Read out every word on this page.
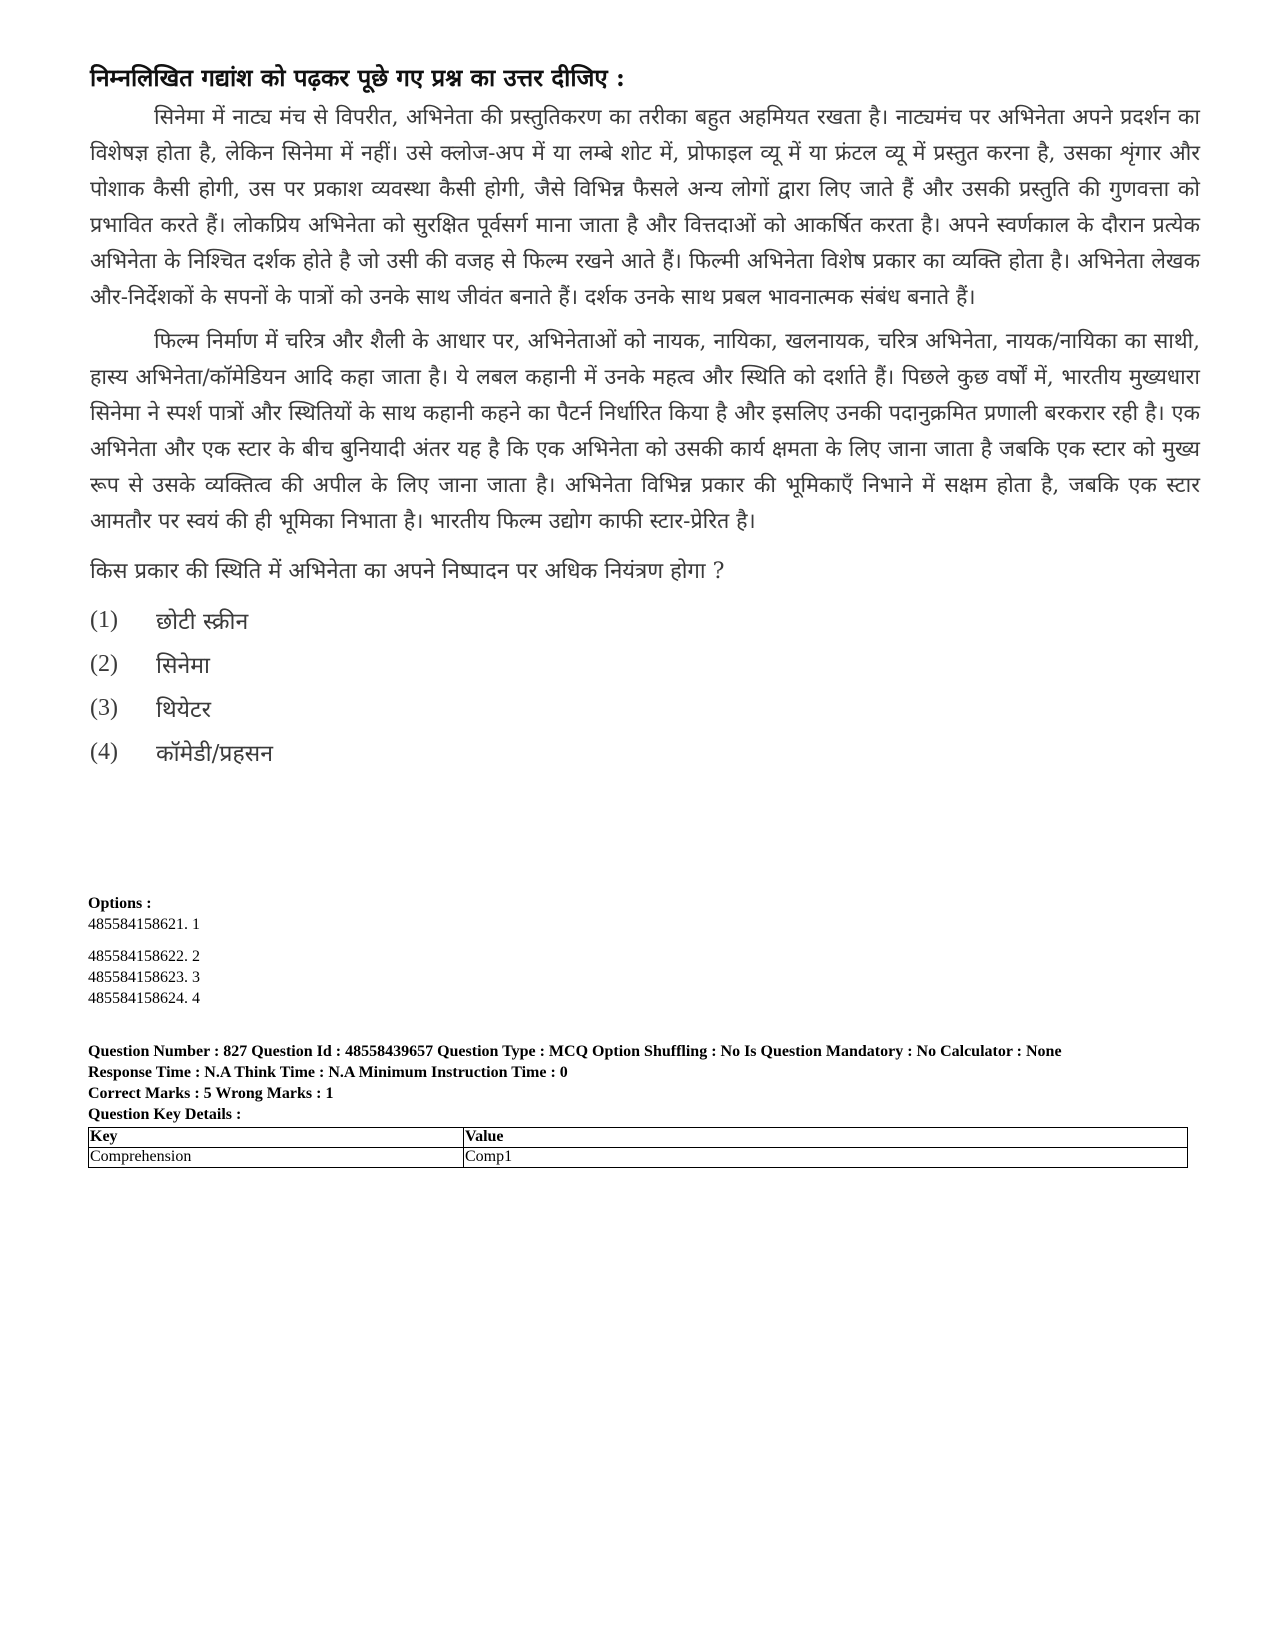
निम्नलिखित गद्यांश को पढ़कर पूछे गए प्रश्न का उत्तर दीजिए :

सिनेमा में नाट्य मंच से विपरीत, अभिनेता की प्रस्तुतिकरण का तरीका बहुत अहमियत रखता है। नाट्यमंच पर अभिनेता अपने प्रदर्शन का विशेषज्ञ होता है, लेकिन सिनेमा में नहीं। उसे क्लोज-अप में या लम्बे शोट में, प्रोफाइल व्यू में या फ्रंटल व्यू में प्रस्तुत करना है, उसका शृंगार और पोशाक कैसी होगी, उस पर प्रकाश व्यवस्था कैसी होगी, जैसे विभिन्न फैसले अन्य लोगों द्वारा लिए जाते हैं और उसकी प्रस्तुति की गुणवत्ता को प्रभावित करते हैं। लोकप्रिय अभिनेता को सुरक्षित पूर्वसर्ग माना जाता है और वित्तदाओं को आकर्षित करता है। अपने स्वर्णकाल के दौरान प्रत्येक अभिनेता के निश्चित दर्शक होते है जो उसी की वजह से फिल्म रखने आते हैं। फिल्मी अभिनेता विशेष प्रकार का व्यक्ति होता है। अभिनेता लेखक और-निर्देशकों के सपनों के पात्रों को उनके साथ जीवंत बनाते हैं। दर्शक उनके साथ प्रबल भावनात्मक संबंध बनाते हैं।

फिल्म निर्माण में चरित्र और शैली के आधार पर, अभिनेताओं को नायक, नायिका, खलनायक, चरित्र अभिनेता, नायक/नायिका का साथी, हास्य अभिनेता/कॉमेडियन आदि कहा जाता है। ये लबल कहानी में उनके महत्व और स्थिति को दर्शाते हैं। पिछले कुछ वर्षों में, भारतीय मुख्यधारा सिनेमा ने स्पर्श पात्रों और स्थितियों के साथ कहानी कहने का पैटर्न निर्धारित किया है और इसलिए उनकी पदानुक्रमित प्रणाली बरकरार रही है। एक अभिनेता और एक स्टार के बीच बुनियादी अंतर यह है कि एक अभिनेता को उसकी कार्य क्षमता के लिए जाना जाता है जबकि एक स्टार को मुख्य रूप से उसके व्यक्तित्व की अपील के लिए जाना जाता है। अभिनेता विभिन्न प्रकार की भूमिकाएँ निभाने में सक्षम होता है, जबकि एक स्टार आमतौर पर स्वयं की ही भूमिका निभाता है। भारतीय फिल्म उद्योग काफी स्टार-प्रेरित है।

किस प्रकार की स्थिति में अभिनेता का अपने निष्पादन पर अधिक नियंत्रण होगा ?

(1)	छोटी स्क्रीन
(2)	सिनेमा
(3)	थियेटर
(4)	कॉमेडी/प्रहसन

Options :

485584158621. 1

485584158622. 2

485584158623. 3

485584158624. 4

Question Number : 827 Question Id : 48558439657 Question Type : MCQ Option Shuffling : No Is Question Mandatory : No Calculator : None

Response Time : N.A Think Time : N.A Minimum Instruction Time : 0

Correct Marks : 5 Wrong Marks : 1

Question Key Details :

Key	Value
Comprehension	Comp1
